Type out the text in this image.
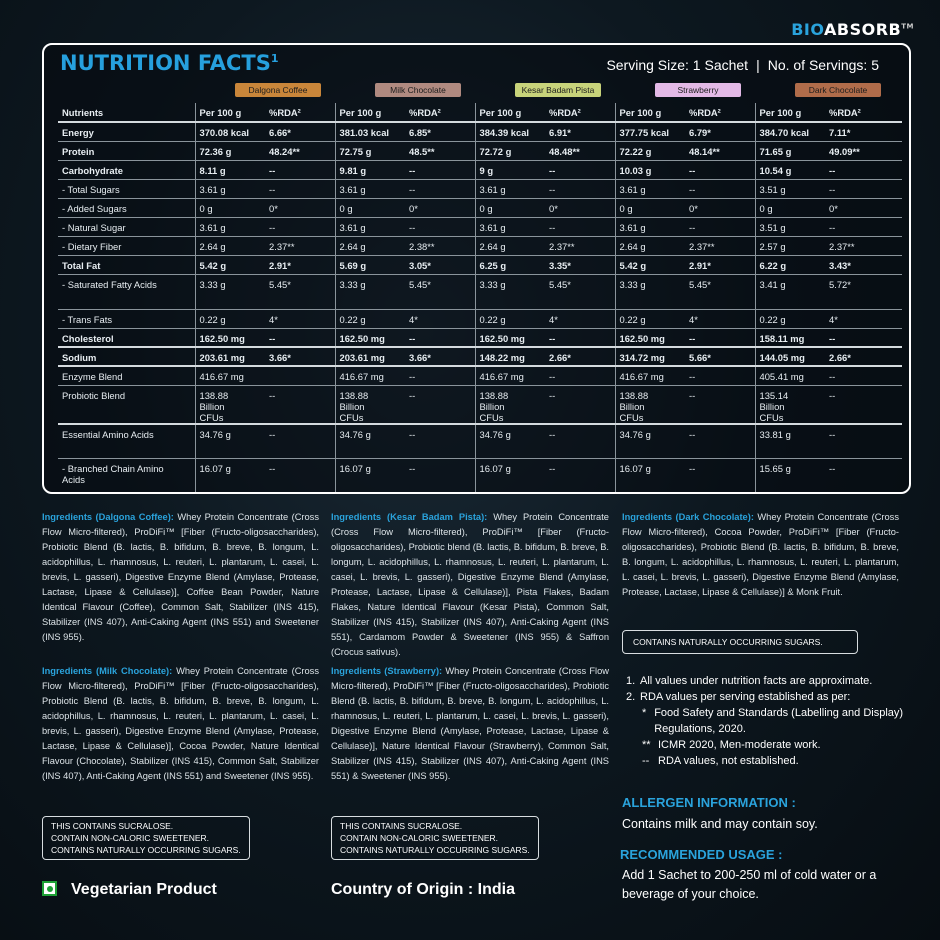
BIOABSORB™
NUTRITION FACTS$^1$	Serving Size: 1 Sachet | No. of Servings: 5
Dalgona Coffee	Milk Chocolate	Kesar Badam Pista	Strawberry	Dark Chocolate
Nutrients	Per 100 g	%RDA²	Per 100 g	%RDA²	Per 100 g	%RDA²	Per 100 g	%RDA²	Per 100 g	%RDA²
Energy	370.08 kcal	6.66*	381.03 kcal	6.85*	384.39 kcal	6.91*	377.75 kcal	6.79*	384.70 kcal	7.11*
Protein	72.36 g	48.24**	72.75 g	48.5**	72.72 g	48.48**	72.22 g	48.14**	71.65 g	49.09**
Carbohydrate	8.11 g	--	9.81 g	--	9 g	--	10.03 g	--	10.54 g	--
- Total Sugars	3.61 g	--	3.61 g	--	3.61 g	--	3.61 g	--	3.51 g	--
- Added Sugars	0 g	0*	0 g	0*	0 g	0*	0 g	0*	0 g	0*
- Natural Sugar	3.61 g	--	3.61 g	--	3.61 g	--	3.61 g	--	3.51 g	--
- Dietary Fiber	2.64 g	2.37**	2.64 g	2.38**	2.64 g	2.37**	2.64 g	2.37**	2.57 g	2.37**
Total Fat	5.42 g	2.91*	5.69 g	3.05*	6.25 g	3.35*	5.42 g	2.91*	6.22 g	3.43*
- Saturated Fatty Acids	3.33 g	5.45*	3.33 g	5.45*	3.33 g	5.45*	3.33 g	5.45*	3.41 g	5.72*
- Trans Fats	0.22 g	4*	0.22 g	4*	0.22 g	4*	0.22 g	4*	0.22 g	4*
Cholesterol	162.50 mg	--	162.50 mg	--	162.50 mg	--	162.50 mg	--	158.11 mg	--
Sodium	203.61 mg	3.66*	203.61 mg	3.66*	148.22 mg	2.66*	314.72 mg	5.66*	144.05 mg	2.66*
Enzyme Blend	416.67 mg		416.67 mg	--	416.67 mg	--	416.67 mg	--	405.41 mg	--
Probiotic Blend	138.88 Billion CFUs	--	138.88 Billion CFUs	--	138.88 Billion CFUs	--	138.88 Billion CFUs	--	135.14 Billion CFUs	--
Essential Amino Acids	34.76 g	--	34.76 g	--	34.76 g	--	34.76 g	--	33.81 g	--
- Branched Chain Amino Acids	16.07 g	--	16.07 g	--	16.07 g	--	16.07 g	--	15.65 g	--
Ingredients (Dalgona Coffee): Whey Protein Concentrate (Cross Flow Micro-filtered), ProDiFi™ [Fiber (Fructo-oligosaccharides), Probiotic Blend (B. lactis, B. bifidum, B. breve, B. longum, L. acidophillus, L. rhamnosus, L. reuteri, L. plantarum, L. casei, L. brevis, L. gasseri), Digestive Enzyme Blend (Amylase, Protease, Lactase, Lipase & Cellulase)], Coffee Bean Powder, Nature Identical Flavour (Coffee), Common Salt, Stabilizer (INS 415), Stabilizer (INS 407), Anti-Caking Agent (INS 551) and Sweetener (INS 955).
Ingredients (Milk Chocolate): Whey Protein Concentrate (Cross Flow Micro-filtered), ProDiFi™ [Fiber (Fructo-oligosaccharides), Probiotic Blend (B. lactis, B. bifidum, B. breve, B. longum, L. acidophillus, L. rhamnosus, L. reuteri, L. plantarum, L. casei, L. brevis, L. gasseri), Digestive Enzyme Blend (Amylase, Protease, Lactase, Lipase & Cellulase)], Cocoa Powder, Nature Identical Flavour (Chocolate), Stabilizer (INS 415), Common Salt, Stabilizer (INS 407), Anti-Caking Agent (INS 551) and Sweetener (INS 955).
THIS CONTAINS SUCRALOSE.
CONTAIN NON-CALORIC SWEETENER.
CONTAINS NATURALLY OCCURRING SUGARS.
Ingredients (Kesar Badam Pista): Whey Protein Concentrate (Cross Flow Micro-filtered), ProDiFi™ [Fiber (Fructo-oligosaccharides), Probiotic blend (B. lactis, B. bifidum, B. breve, B. longum, L. acidophillus, L. rhamnosus, L. reuteri, L. plantarum, L. casei, L. brevis, L. gasseri), Digestive Enzyme Blend (Amylase, Protease, Lactase, Lipase & Cellulase)], Pista Flakes, Badam Flakes, Nature Identical Flavour (Kesar Pista), Common Salt, Stabilizer (INS 415), Stabilizer (INS 407), Anti-Caking Agent (INS 551), Cardamom Powder & Sweetener (INS 955) & Saffron (Crocus sativus).
Ingredients (Strawberry): Whey Protein Concentrate (Cross Flow Micro-filtered), ProDiFi™ [Fiber (Fructo-oligosaccharides), Probiotic Blend (B. lactis, B. bifidum, B. breve, B. longum, L. acidophillus, L. rhamnosus, L. reuteri, L. plantarum, L. casei, L. brevis, L. gasseri), Digestive Enzyme Blend (Amylase, Protease, Lactase, Lipase & Cellulase)], Nature Identical Flavour (Strawberry), Common Salt, Stabilizer (INS 415), Stabilizer (INS 407), Anti-Caking Agent (INS 551) & Sweetener (INS 955).
THIS CONTAINS SUCRALOSE.
CONTAIN NON-CALORIC SWEETENER.
CONTAINS NATURALLY OCCURRING SUGARS.
Ingredients (Dark Chocolate): Whey Protein Concentrate (Cross Flow Micro-filtered), Cocoa Powder, ProDiFi™ [Fiber (Fructo-oligosaccharides), Probiotic Blend (B. lactis, B. bifidum, B. breve, B. longum, L. acidophillus, L. rhamnosus, L. reuteri, L. plantarum, L. casei, L. brevis, L. gasseri), Digestive Enzyme Blend (Amylase, Protease, Lactase, Lipase & Cellulase)] & Monk Fruit.
CONTAINS NATURALLY OCCURRING SUGARS.
1. All values under nutrition facts are approximate.
2. RDA values per serving established as per:
* Food Safety and Standards (Labelling and Display) Regulations, 2020.
** ICMR 2020, Men-moderate work.
-- RDA values, not established.
ALLERGEN INFORMATION :
Contains milk and may contain soy.
RECOMMENDED USAGE :
Add 1 Sachet to 200-250 ml of cold water or a beverage of your choice.
Vegetarian Product	Country of Origin : India
